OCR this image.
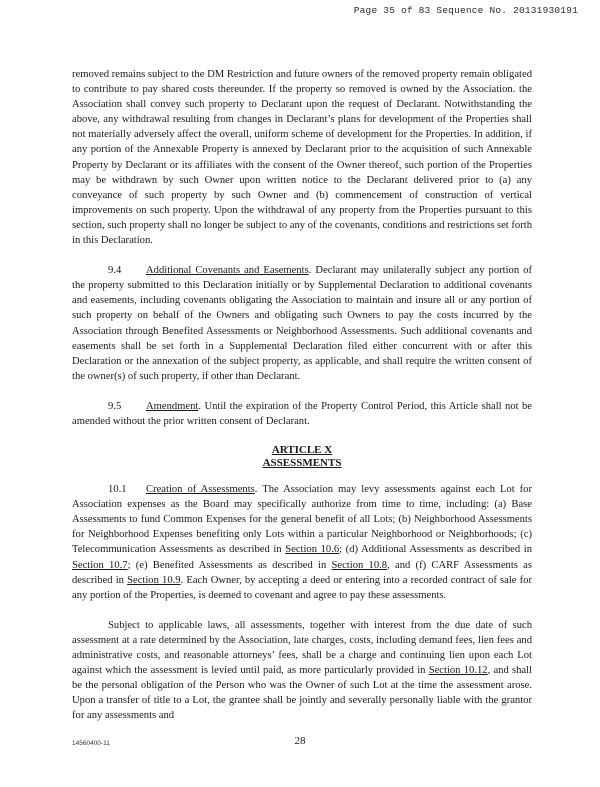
Page 35 of 83 Sequence No. 20131930191

removed remains subject to the DM Restriction and future owners of the removed property remain obligated to contribute to pay shared costs thereunder. If the property so removed is owned by the Association. the Association shall convey such property to Declarant upon the request of Declarant. Notwithstanding the above, any withdrawal resulting from changes in Declarant’s plans for development of the Properties shall not materially adversely affect the overall, uniform scheme of development for the Properties. In addition, if any portion of the Annexable Property is annexed by Declarant prior to the acquisition of such Annexable Property by Declarant or its affiliates with the consent of the Owner thereof, such portion of the Properties may be withdrawn by such Owner upon written notice to the Declarant delivered prior to (a) any conveyance of such property by such Owner and (b) commencement of construction of vertical improvements on such property. Upon the withdrawal of any property from the Properties pursuant to this section, such property shall no longer be subject to any of the covenants, conditions and restrictions set forth in this Declaration.

9.4 Additional Covenants and Easements. Declarant may unilaterally subject any portion of the property submitted to this Declaration initially or by Supplemental Declaration to additional covenants and easements, including covenants obligating the Association to maintain and insure all or any portion of such property on behalf of the Owners and obligating such Owners to pay the costs incurred by the Association through Benefited Assessments or Neighborhood Assessments. Such additional covenants and easements shall be set forth in a Supplemental Declaration filed either concurrent with or after this Declaration or the annexation of the subject property, as applicable, and shall require the written consent of the owner(s) of such property, if other than Declarant.

9.5 Amendment. Until the expiration of the Property Control Period, this Article shall not be amended without the prior written consent of Declarant.

ARTICLE X
ASSESSMENTS

10.1 Creation of Assessments. The Association may levy assessments against each Lot for Association expenses as the Board may specifically authorize from time to time, including: (a) Base Assessments to fund Common Expenses for the general benefit of all Lots; (b) Neighborhood Assessments for Neighborhood Expenses benefiting only Lots within a particular Neighborhood or Neighborhoods; (c) Telecommunication Assessments as described in Section 10.6; (d) Additional Assessments as described in Section 10.7; (e) Benefited Assessments as described in Section 10.8, and (f) CARF Assessments as described in Section 10.9. Each Owner, by accepting a deed or entering into a recorded contract of sale for any portion of the Properties, is deemed to covenant and agree to pay these assessments.

Subject to applicable laws, all assessments, together with interest from the due date of such assessment at a rate determined by the Association, late charges, costs, including demand fees, lien fees and administrative costs, and reasonable attorneys’ fees, shall be a charge and continuing lien upon each Lot against which the assessment is levied until paid, as more particularly provided in Section 10.12, and shall be the personal obligation of the Person who was the Owner of such Lot at the time the assessment arose. Upon a transfer of title to a Lot, the grantee shall be jointly and severally personally liable with the grantor for any assessments and

14560400-11	28
